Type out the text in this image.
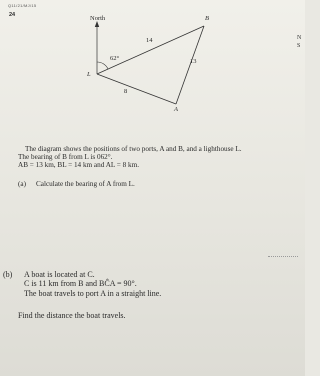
Q11/21/MJ/15
24	North	B
L
A
62°
14
13
8
N
S
The diagram shows the positions of two ports, A and B, and a lighthouse L.
The bearing of B from L is 062°.
AB = 13 km, BL = 14 km and AL = 8 km.
(a) Calculate the bearing of A from L.
(b) A boat is located at C.
C is 11 km from B and BĈA = 90°.
The boat travels to port A in a straight line.
Find the distance the boat travels.
